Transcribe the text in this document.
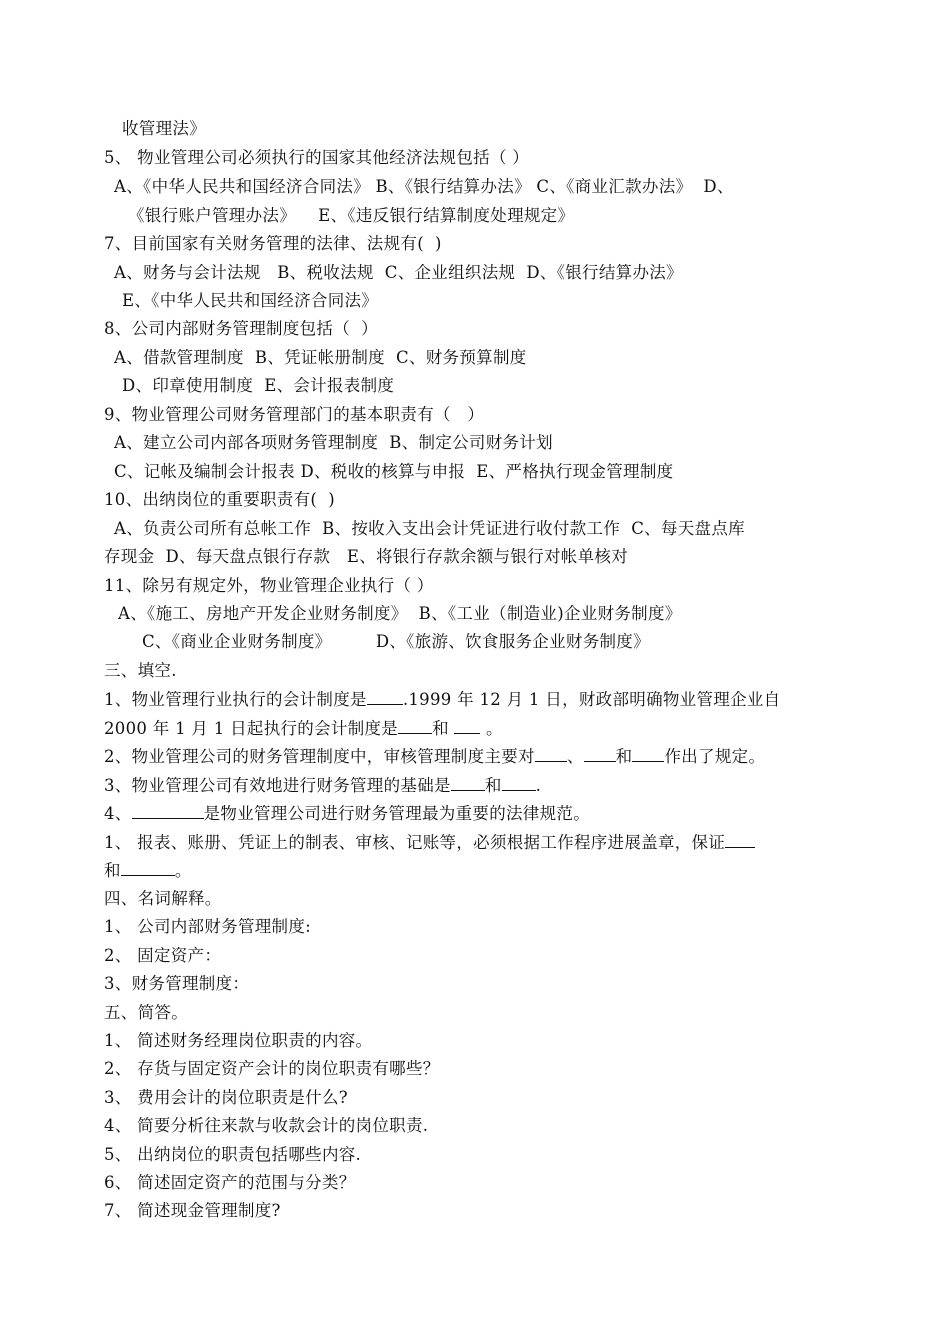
收管理法》
5、 物业管理公司必须执行的国家其他经济法规包括（ ）
A、《中华人民共和国经济合同法》 B、《银行结算办法》 C、《商业汇款办法》  D、
《银行账户管理办法》    E、《违反银行结算制度处理规定》
7、目前国家有关财务管理的法律、法规有(  )
A、财务与会计法规   B、税收法规  C、企业组织法规  D、《银行结算办法》
E、《中华人民共和国经济合同法》
8、公司内部财务管理制度包括（  ）
A、借款管理制度  B、凭证帐册制度  C、财务预算制度
D、印章使用制度  E、会计报表制度
9、物业管理公司财务管理部门的基本职责有（   ）
A、建立公司内部各项财务管理制度  B、制定公司财务计划
C、记帐及编制会计报表 D、税收的核算与申报  E、严格执行现金管理制度
10、出纳岗位的重要职责有(  )
A、负责公司所有总帐工作  B、按收入支出会计凭证进行收付款工作  C、每天盘点库
存现金  D、每天盘点银行存款   E、将银行存款余额与银行对帐单核对
11、除另有规定外，物业管理企业执行（ ）
A、《施工、房地产开发企业财务制度》  B、《工业（制造业)企业财务制度》
C、《商业企业财务制度》        D、《旅游、饮食服务企业财务制度》
三、填空.
1、物业管理行业执行的会计制度是 .1999 年 12 月 1 日，财政部明确物业管理企业自
2000 年 1 月 1 日起执行的会计制度是 和 。
2、物业管理公司的财务管理制度中，审核管理制度主要对 、 和 作出了规定。
3、物业管理公司有效地进行财务管理的基础是 和 .
4、	是物业管理公司进行财务管理最为重要的法律规范。
1、 报表、账册、凭证上的制表、审核、记账等，必须根据工作程序进展盖章，保证
和	。
四、名词解释。
1、 公司内部财务管理制度:
2、 固定资产：
3、财务管理制度：
五、简答。
1、 简述财务经理岗位职责的内容。
2、 存货与固定资产会计的岗位职责有哪些？
3、 费用会计的岗位职责是什么?
4、 简要分析往来款与收款会计的岗位职责.
5、 出纳岗位的职责包括哪些内容.
6、 简述固定资产的范围与分类？
7、 简述现金管理制度?
